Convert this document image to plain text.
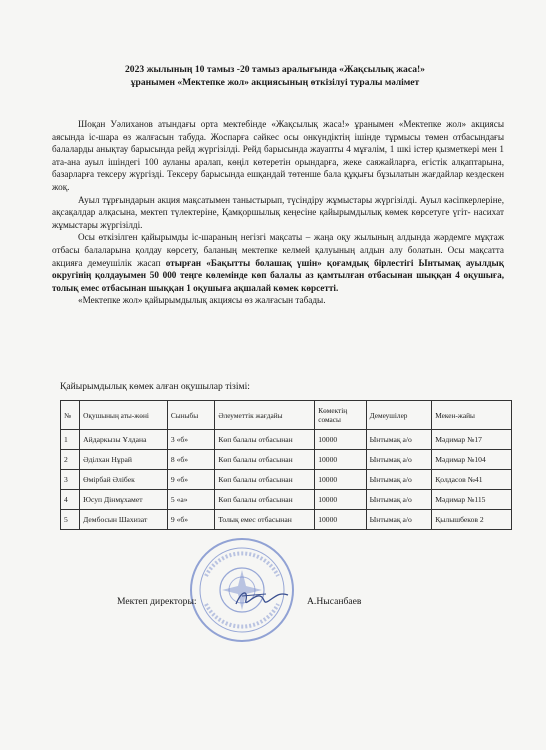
2023 жылының 10 тамыз -20 тамыз аралығында «Жақсылық жаса!»
ұранымен «Мектепке жол» акциясының өткізілуі туралы мәлімет

Шоқан Уәлиханов атындағы орта мектебінде «Жақсылық жаса!» ұранымен «Мектепке жол» акциясы аясында іс-шара өз жалғасын табуда. Жоспарға сәйкес осы онкүндіктің ішінде тұрмысы төмен отбасындағы балаларды анықтау барысында рейд жүргізілді. Рейд барысында жауапты 4 мұғалім, 1 шкі істер қызметкері мен 1 ата-ана ауыл ішіндегі 100 ауланы аралап, көңіл көтеретін орындарға, жеке саяжайларға, егістік алқаптарына, базарларға тексеру жүргізді. Тексеру барысында ешқандай төтенше бала құқығы бұзылатын жағдайлар кездескен жоқ.

Ауыл тұрғындарын акция мақсатымен таныстырып, түсіндіру жұмыстары жүргізілді. Ауыл кәсіпкерлеріне, ақсақалдар алқасына, мектеп түлектеріне, Қамқоршылық кеңесіне қайырымдылық көмек көрсетуге үгіт- насихат жұмыстары жүргізілді.

Осы өткізілген қайырымды іс-шараның негізгі мақсаты – жаңа оқу жылының алдында жәрдемге мұқтаж отбасы балаларына қолдау көрсету, баланың мектепке келмей қалуының алдын алу болатын. Осы мақсатта акцияға демеушілік жасап отырған «Бақытты болашақ үшін» қоғамдық бірлестігі Ынтымақ ауылдық округінің қолдауымен 50 000 теңге көлемінде көп балалы аз қамтылған отбасынан шыққан 4 оқушыға, толық емес отбасынан шыққан 1 оқушыға ақшалай көмек көрсетті.

«Мектепке жол» қайырымдылық акциясы өз жалғасын табады.

Қайырымдылық көмек алған оқушылар тізімі:
№	Оқушының аты-жөні	Сыныбы	Әлеуметтік жағдайы	Көмектің сомасы	Демеушілер	Мекен-жайы
1	Айдаркызы Ұлдана	3 «б»	Көп балалы отбасынан	10000	Ынтымақ а/о	Мәдимар №17
2	Әділхан Нұрай	8 «б»	Көп балалы отбасынан	10000	Ынтымақ а/о	Мәдимар №104
3	Өмірбай Әлібек	9 «б»	Көп балалы отбасынан	10000	Ынтымақ а/о	Қолдасов №41
4	Юсуп Дінмұхамет	5 «а»	Көп балалы отбасынан	10000	Ынтымақ а/о	Мәдимар №115
5	Дембосын Шахизат	9 «б»	Толық емес отбасынан	10000	Ынтымақ а/о	Қылышбеков 2
Мектеп директоры:	А.Нысанбаев
